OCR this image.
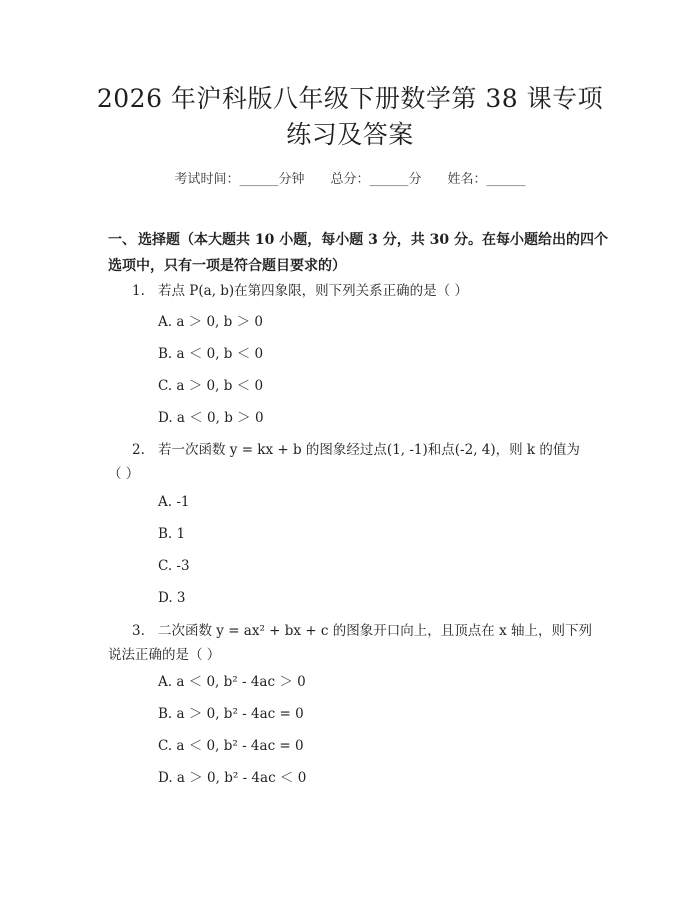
2026 年沪科版八年级下册数学第 38 课专项
练习及答案
考试时间：______分钟 总分：______分 姓名：______
一、 选择题（本大题共 10 小题，每小题 3 分，共 30 分。在每小题给出的四个选项中，只有一项是符合题目要求的）
1. 若点 P(a, b)在第四象限，则下列关系正确的是（ ）
A. a ＞ 0, b ＞ 0
B. a ＜ 0, b ＜ 0
C. a ＞ 0, b ＜ 0
D. a ＜ 0, b ＞ 0
2. 若一次函数 y = kx + b 的图象经过点(1, -1)和点(-2, 4)，则 k 的值为
（ ）
A. -1
B. 1
C. -3
D. 3
3. 二次函数 y = ax² + bx + c 的图象开口向上，且顶点在 x 轴上，则下列
说法正确的是（ ）
A. a ＜ 0, b² - 4ac ＞ 0
B. a ＞ 0, b² - 4ac = 0
C. a ＜ 0, b² - 4ac = 0
D. a ＞ 0, b² - 4ac ＜ 0
